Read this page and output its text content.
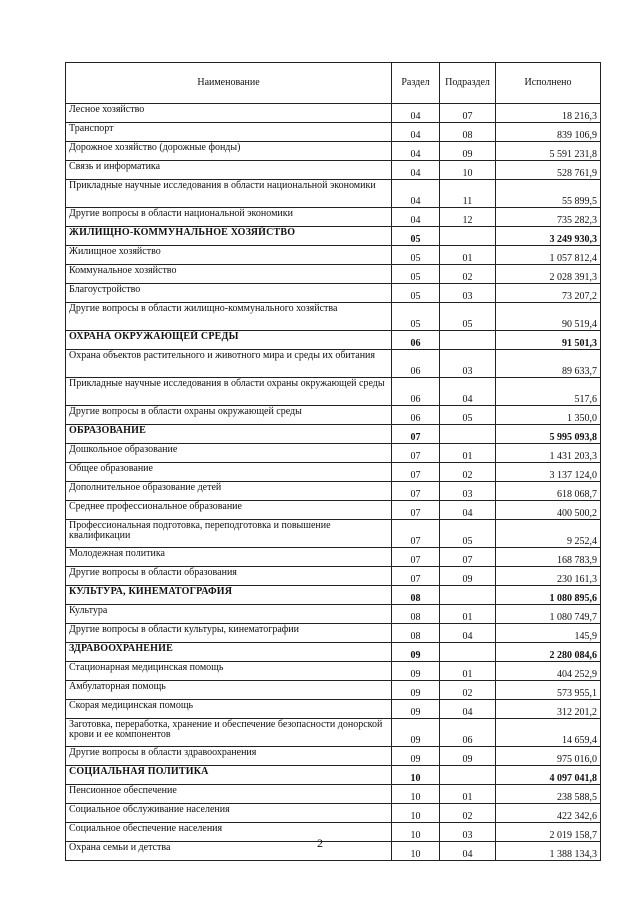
Наименование	Раздел	Подраздел	Исполнено
Лесное хозяйство	04	07	18 216,3
Транспорт	04	08	839 106,9
Дорожное хозяйство (дорожные фонды)	04	09	5 591 231,8
Связь и информатика	04	10	528 761,9
Прикладные научные исследования в области национальной экономики	04	11	55 899,5
Другие вопросы в области национальной экономики	04	12	735 282,3
ЖИЛИЩНО-КОММУНАЛЬНОЕ ХОЗЯЙСТВО	05		3 249 930,3
Жилищное хозяйство	05	01	1 057 812,4
Коммунальное хозяйство	05	02	2 028 391,3
Благоустройство	05	03	73 207,2
Другие вопросы в области жилищно-коммунального хозяйства	05	05	90 519,4
ОХРАНА ОКРУЖАЮЩЕЙ СРЕДЫ	06		91 501,3
Охрана объектов растительного и животного мира и среды их обитания	06	03	89 633,7
Прикладные научные исследования в области охраны окружающей среды	06	04	517,6
Другие вопросы в области охраны окружающей среды	06	05	1 350,0
ОБРАЗОВАНИЕ	07		5 995 093,8
Дошкольное образование	07	01	1 431 203,3
Общее образование	07	02	3 137 124,0
Дополнительное образование детей	07	03	618 068,7
Среднее профессиональное образование	07	04	400 500,2
Профессиональная подготовка, переподготовка и повышение квалификации	07	05	9 252,4
Молодежная политика	07	07	168 783,9
Другие вопросы в области образования	07	09	230 161,3
КУЛЬТУРА, КИНЕМАТОГРАФИЯ	08		1 080 895,6
Культура	08	01	1 080 749,7
Другие вопросы в области культуры, кинематографии	08	04	145,9
ЗДРАВООХРАНЕНИЕ	09		2 280 084,6
Стационарная медицинская помощь	09	01	404 252,9
Амбулаторная помощь	09	02	573 955,1
Скорая медицинская помощь	09	04	312 201,2
Заготовка, переработка, хранение и обеспечение безопасности донорской крови и ее компонентов	09	06	14 659,4
Другие вопросы в области здравоохранения	09	09	975 016,0
СОЦИАЛЬНАЯ ПОЛИТИКА	10		4 097 041,8
Пенсионное обеспечение	10	01	238 588,5
Социальное обслуживание населения	10	02	422 342,6
Социальное обеспечение населения	10	03	2 019 158,7
Охрана семьи и детства	10	04	1 388 134,3
2
